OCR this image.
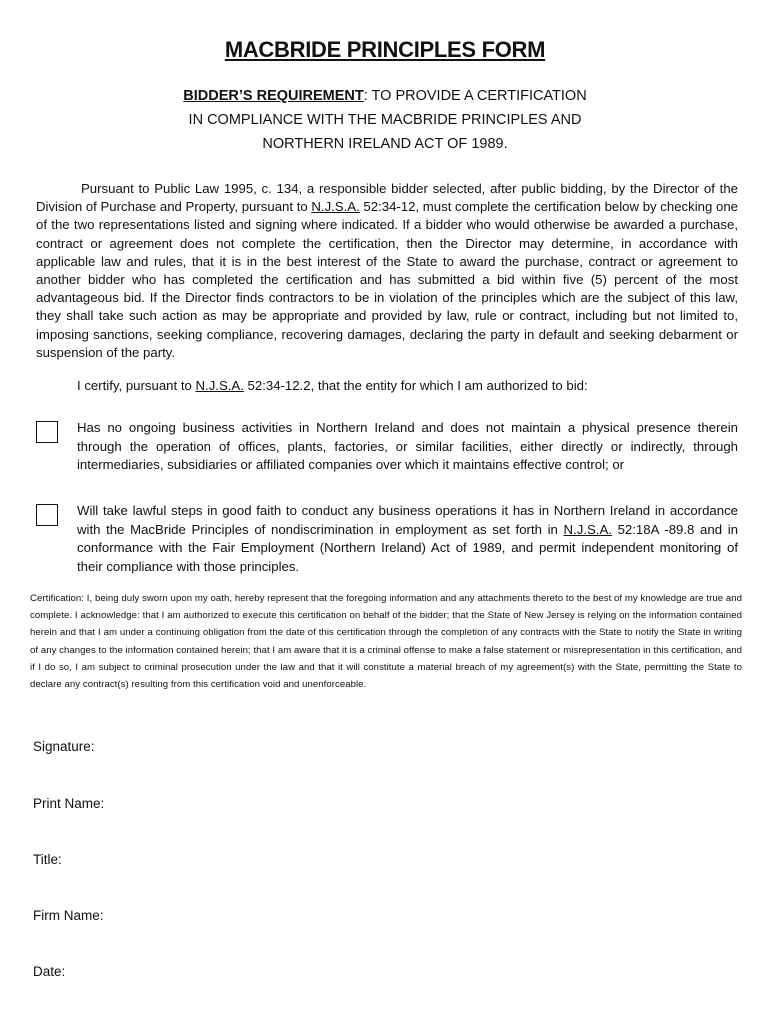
MACBRIDE PRINCIPLES FORM
BIDDER’S REQUIREMENT: TO PROVIDE A CERTIFICATION
IN COMPLIANCE WITH THE MACBRIDE PRINCIPLES AND
NORTHERN IRELAND ACT OF 1989.
Pursuant to Public Law 1995, c. 134, a responsible bidder selected, after public bidding, by the Director of the Division of Purchase and Property, pursuant to N.J.S.A. 52:34-12, must complete the certification below by checking one of the two representations listed and signing where indicated. If a bidder who would otherwise be awarded a purchase, contract or agreement does not complete the certification, then the Director may determine, in accordance with applicable law and rules, that it is in the best interest of the State to award the purchase, contract or agreement to another bidder who has completed the certification and has submitted a bid within five (5) percent of the most advantageous bid. If the Director finds contractors to be in violation of the principles which are the subject of this law, they shall take such action as may be appropriate and provided by law, rule or contract, including but not limited to, imposing sanctions, seeking compliance, recovering damages, declaring the party in default and seeking debarment or suspension of the party.
I certify, pursuant to N.J.S.A. 52:34-12.2, that the entity for which I am authorized to bid:
Has no ongoing business activities in Northern Ireland and does not maintain a physical presence therein through the operation of offices, plants, factories, or similar facilities, either directly or indirectly, through intermediaries, subsidiaries or affiliated companies over which it maintains effective control; or
Will take lawful steps in good faith to conduct any business operations it has in Northern Ireland in accordance with the MacBride Principles of nondiscrimination in employment as set forth in N.J.S.A. 52:18A -89.8 and in conformance with the Fair Employment (Northern Ireland) Act of 1989, and permit independent monitoring of their compliance with those principles.
Certification: I, being duly sworn upon my oath, hereby represent that the foregoing information and any attachments thereto to the best of my knowledge are true and complete. I acknowledge: that I am authorized to execute this certification on behalf of the bidder; that the State of New Jersey is relying on the information contained herein and that I am under a continuing obligation from the date of this certification through the completion of any contracts with the State to notify the State in writing of any changes to the information contained herein; that I am aware that it is a criminal offense to make a false statement or misrepresentation in this certification, and if I do so, I am subject to criminal prosecution under the law and that it will constitute a material breach of my agreement(s) with the State, permitting the State to declare any contract(s) resulting from this certification void and unenforceable.
Signature:
Print Name:
Title:
Firm Name:
Date:
